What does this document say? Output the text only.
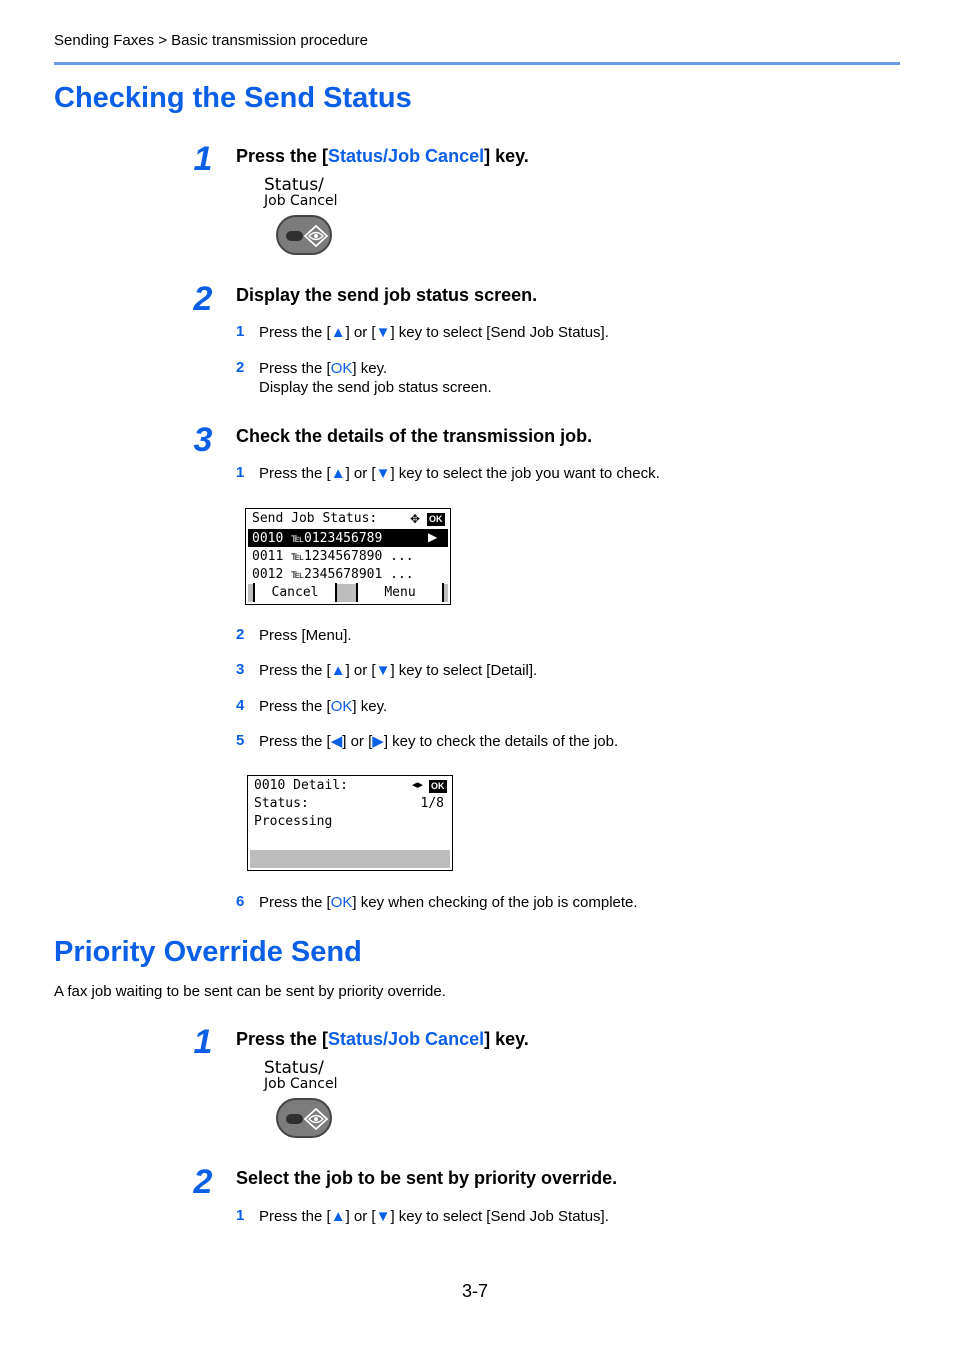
Sending Faxes > Basic transmission procedure
Checking the Send Status
1	Press the [Status/Job Cancel] key.
Status/
Job Cancel
2	Display the send job status screen.
1 Press the [▲] or [▼] key to select [Send Job Status].
2 Press the [OK] key.
Display the send job status screen.
3	Check the details of the transmission job.
1 Press the [▲] or [▼] key to select the job you want to check.
Send Job Status:	✥ OK
0010 ℡0123456789	▶
0011 ℡1234567890 ...
0012 ℡2345678901 ...
Cancel	Menu
2 Press [Menu].
3 Press the [▲] or [▼] key to select [Detail].
4 Press the [OK] key.
5 Press the [◀] or [▶] key to check the details of the job.
0010 Detail:	◂▸ OK
Status:	1/8
Processing
6 Press the [OK] key when checking of the job is complete.
Priority Override Send
A fax job waiting to be sent can be sent by priority override.
1	Press the [Status/Job Cancel] key.
Status/
Job Cancel
2	Select the job to be sent by priority override.
1 Press the [▲] or [▼] key to select [Send Job Status].
3-7
